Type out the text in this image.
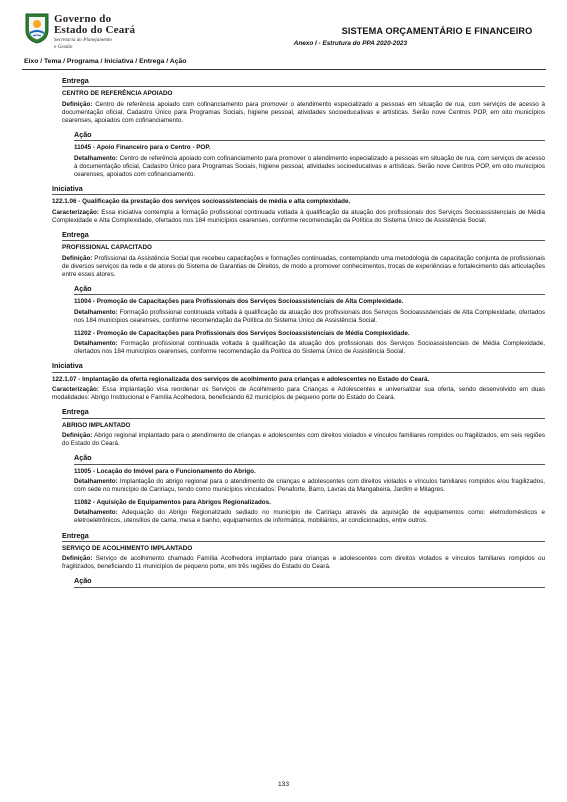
Governo do
Estado do Ceará
Secretaria do Planejamento
e Gestão
SISTEMA ORÇAMENTÁRIO E FINANCEIRO
Anexo I - Estrutura do PPA 2020-2023
Eixo / Tema / Programa / Iniciativa / Entrega / Ação
Entrega
CENTRO DE REFERÊNCIA APOIADO

Definição: Centro de referência apoiado com cofinanciamento para promover o atendimento especializado a pessoas em situação de rua, com serviços de acesso à documentação oficial, Cadastro Único para Programas Sociais, higiene pessoal, atividades socioeducativas e artísticas. Serão nove Centros POP, em oito municípios cearenses, apoiados com cofinanciamento.

Ação
11045 - Apoio Financeiro para o Centro - POP.

Detalhamento: Centro de referência apoiado com cofinanciamento para promover o atendimento especializado a pessoas em situação de rua, com serviços de acesso à documentação oficial, Cadastro Único para Programas Sociais, higiene pessoal, atividades socioeducativas e artísticas. Serão nove Centros POP, em oito municípios cearenses, apoiados com cofinanciamento.

Iniciativa
122.1.06 - Qualificação da prestação dos serviços socioassistenciais de média e alta complexidade.

Caracterização: Essa iniciativa contempla a formação profissional continuada voltada à qualificação da atuação dos profissionais dos Serviços Socioassistenciais de Média Complexidade e Alta Complexidade, ofertados nos 184 municípios cearenses, conforme recomendação da Política do Sistema Único de Assistência Social.

Entrega
PROFISSIONAL CAPACITADO

Definição: Profissional da Assistência Social que recebeu capacitações e formações continuadas, contemplando uma metodologia de capacitação conjunta de profissionais de diversos serviços da rede e de atores do Sistema de Garantias de Direitos, de modo a promover conhecimentos, trocas de experiências e fortalecimento das articulações entre esses atores.

Ação
11004 - Promoção de Capacitações para Profissionais dos Serviços Socioassistenciais de Alta Complexidade.

Detalhamento: Formação profissional continuada voltada à qualificação da atuação dos profissionais dos Serviços Socioassistenciais de Alta Complexidade, ofertados nos 184 municípios cearenses, conforme recomendação da Política do Sistema Único de Assistência Social.

11202 - Promoção de Capacitações para Profissionais dos Serviços Socioassistenciais de Média Complexidade.

Detalhamento: Formação profissional continuada voltada à qualificação da atuação dos profissionais dos Serviços Socioassistenciais de Média Complexidade, ofertados nos 184 municípios cearenses, conforme recomendação da Política do Sistema Único de Assistência Social.

Iniciativa
122.1.07 - Implantação da oferta regionalizada dos serviços de acolhimento para crianças e adolescentes no Estado do Ceará.

Caracterização: Essa implantação visa reordenar os Serviços de Acolhimento para Crianças e Adolescentes e universalizar sua oferta, sendo desenvolvido em duas modalidades: Abrigo Institucional e Família Acolhedora, beneficiando 62 municípios de pequeno porte do Estado do Ceará.

Entrega
ABRIGO IMPLANTADO

Definição: Abrigo regional implantado para o atendimento de crianças e adolescentes com direitos violados e vínculos familiares rompidos ou fragilizados, em seis regiões do Estado do Ceará.

Ação
11005 - Locação do Imóvel para o Funcionamento do Abrigo.

Detalhamento: Implantação do abrigo regional para o atendimento de crianças e adolescentes com direitos violados e vínculos familiares rompidos e/ou fragilizados, com sede no município de Caririaçu, tendo como municípios vinculados: Penaforte, Barro, Lavras da Mangabeira, Jardim e Milagres.

11082 - Aquisição de Equipamentos para Abrigos Regionalizados.

Detalhamento: Adequação do Abrigo Regionalizado sediado no município de Caririaçu através da aquisição de equipamentos como: eletrodomésticos e eletroeletrônicos, utensílios de cama, mesa e banho, equipamentos de informática, mobiliários, ar condicionados, entre outros.

Entrega
SERVIÇO DE ACOLHIMENTO IMPLANTADO

Definição: Serviço de acolhimento chamado Família Acolhedora implantado para crianças e adolescentes com direitos violados e vínculos familiares rompidos ou fragilizados, beneficiando 11 municípios de pequeno porte, em três regiões do Estado do Ceará.

Ação
133
